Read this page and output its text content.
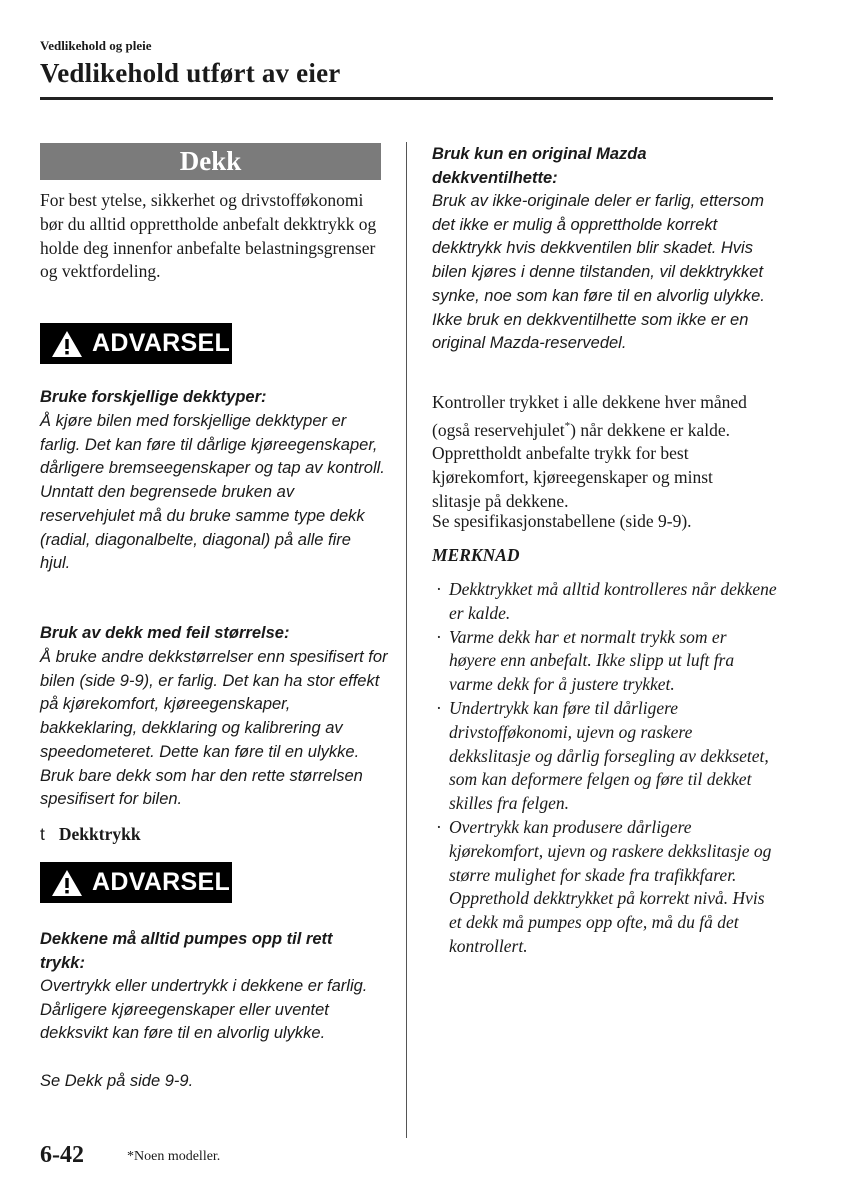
Vedlikehold og pleie
Vedlikehold utført av eier
Dekk

For best ytelse, sikkerhet og drivstofføkonomi bør du alltid opprettholde anbefalt dekktrykk og holde deg innenfor anbefalte belastningsgrenser og vektfordeling.

ADVARSEL

Bruke forskjellige dekktyper:

Å kjøre bilen med forskjellige dekktyper er farlig. Det kan føre til dårlige kjøreegenskaper, dårligere bremseegenskaper og tap av kontroll. Unntatt den begrensede bruken av reservehjulet må du bruke samme type dekk (radial, diagonalbelte, diagonal) på alle fire hjul.

Bruk av dekk med feil størrelse:

Å bruke andre dekkstørrelser enn spesifisert for bilen (side 9-9), er farlig. Det kan ha stor effekt på kjørekomfort, kjøreegenskaper, bakkeklaring, dekklaring og kalibrering av speedometeret. Dette kan føre til en ulykke. Bruk bare dekk som har den rette størrelsen spesifisert for bilen.

t Dekktrykk
ADVARSEL

Dekkene må alltid pumpes opp til rett trykk:

Overtrykk eller undertrykk i dekkene er farlig. Dårligere kjøreegenskaper eller uventet dekksvikt kan føre til en alvorlig ulykke.

Se Dekk på side 9-9.

Bruk kun en original Mazda dekkventilhette:

Bruk av ikke-originale deler er farlig, ettersom det ikke er mulig å opprettholde korrekt dekktrykk hvis dekkventilen blir skadet. Hvis bilen kjøres i denne tilstanden, vil dekktrykket synke, noe som kan føre til en alvorlig ulykke. Ikke bruk en dekkventilhette som ikke er en original Mazda-reservedel.

Kontroller trykket i alle dekkene hver måned (også reservehjulet*) når dekkene er kalde. Opprettholdt anbefalte trykk for best kjørekomfort, kjøreegenskaper og minst slitasje på dekkene.

Se spesifikasjonstabellene (side 9-9).

MERKNAD
· Dekktrykket må alltid kontrolleres når dekkene er kalde.
· Varme dekk har et normalt trykk som er høyere enn anbefalt. Ikke slipp ut luft fra varme dekk for å justere trykket.
· Undertrykk kan føre til dårligere drivstofføkonomi, ujevn og raskere dekkslitasje og dårlig forsegling av dekksetet, som kan deformere felgen og føre til dekket skilles fra felgen.
· Overtrykk kan produsere dårligere kjørekomfort, ujevn og raskere dekkslitasje og større mulighet for skade fra trafikkfarer.
Opprethold dekktrykket på korrekt nivå. Hvis et dekk må pumpes opp ofte, må du få det kontrollert.
6-42	*Noen modeller.
